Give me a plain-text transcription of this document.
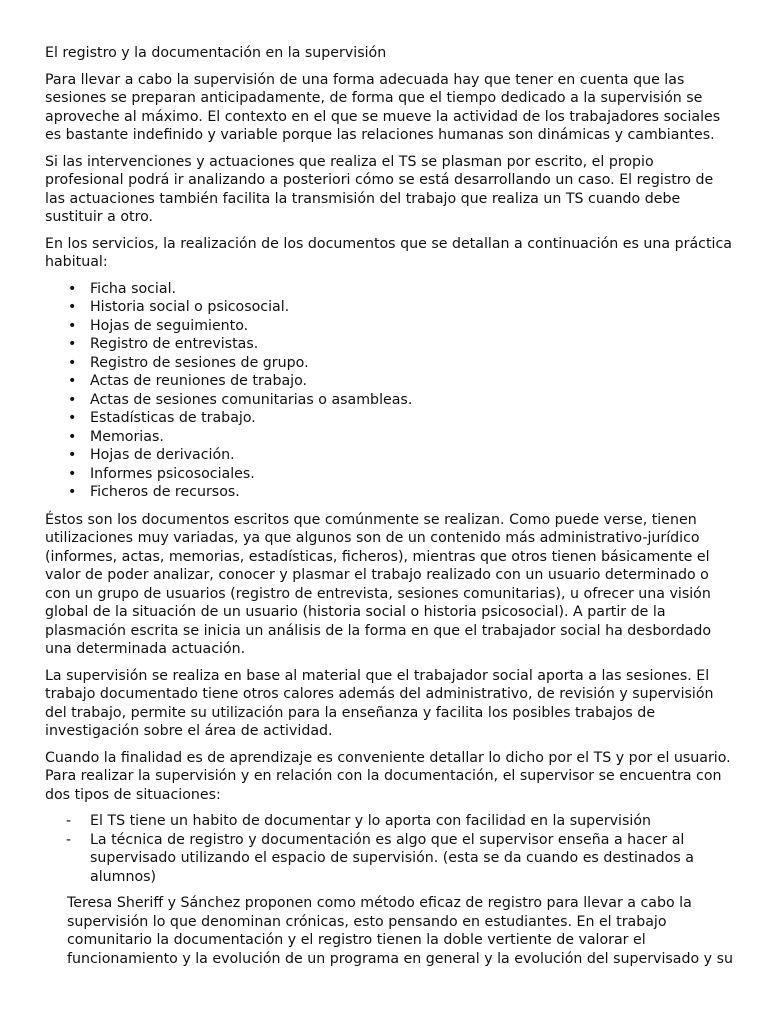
El registro y la documentación en la supervisión

Para llevar a cabo la supervisión de una forma adecuada hay que tener en cuenta que las sesiones se preparan anticipadamente, de forma que el tiempo dedicado a la supervisión se aproveche al máximo. El contexto en el que se mueve la actividad de los trabajadores sociales es bastante indefinido y variable porque las relaciones humanas son dinámicas y cambiantes.

Si las intervenciones y actuaciones que realiza el TS se plasman por escrito, el propio profesional podrá ir analizando a posteriori cómo se está desarrollando un caso. El registro de las actuaciones también facilita la transmisión del trabajo que realiza un TS cuando debe sustituir a otro.

En los servicios, la realización de los documentos que se detallan a continuación es una práctica habitual:

• Ficha social.
• Historia social o psicosocial.
• Hojas de seguimiento.
• Registro de entrevistas.
• Registro de sesiones de grupo.
• Actas de reuniones de trabajo.
• Actas de sesiones comunitarias o asambleas.
• Estadísticas de trabajo.
• Memorias.
• Hojas de derivación.
• Informes psicosociales.
• Ficheros de recursos.

Éstos son los documentos escritos que comúnmente se realizan. Como puede verse, tienen utilizaciones muy variadas, ya que algunos son de un contenido más administrativo-jurídico (informes, actas, memorias, estadísticas, ficheros), mientras que otros tienen básicamente el valor de poder analizar, conocer y plasmar el trabajo realizado con un usuario determinado o con un grupo de usuarios (registro de entrevista, sesiones comunitarias), u ofrecer una visión global de la situación de un usuario (historia social o historia psicosocial). A partir de la plasmación escrita se inicia un análisis de la forma en que el trabajador social ha desbordado una determinada actuación.

La supervisión se realiza en base al material que el trabajador social aporta a las sesiones. El trabajo documentado tiene otros calores además del administrativo, de revisión y supervisión del trabajo, permite su utilización para la enseñanza y facilita los posibles trabajos de investigación sobre el área de actividad.

Cuando la finalidad es de aprendizaje es conveniente detallar lo dicho por el TS y por el usuario. Para realizar la supervisión y en relación con la documentación, el supervisor se encuentra con dos tipos de situaciones:

- El TS tiene un habito de documentar y lo aporta con facilidad en la supervisión
- La técnica de registro y documentación es algo que el supervisor enseña a hacer al supervisado utilizando el espacio de supervisión. (esta se da cuando es destinados a alumnos)

Teresa Sheriff y Sánchez proponen como método eficaz de registro para llevar a cabo la supervisión lo que denominan crónicas, esto pensando en estudiantes. En el trabajo comunitario la documentación y el registro tienen la doble vertiente de valorar el funcionamiento y la evolución de un programa en general y la evolución del supervisado y su
